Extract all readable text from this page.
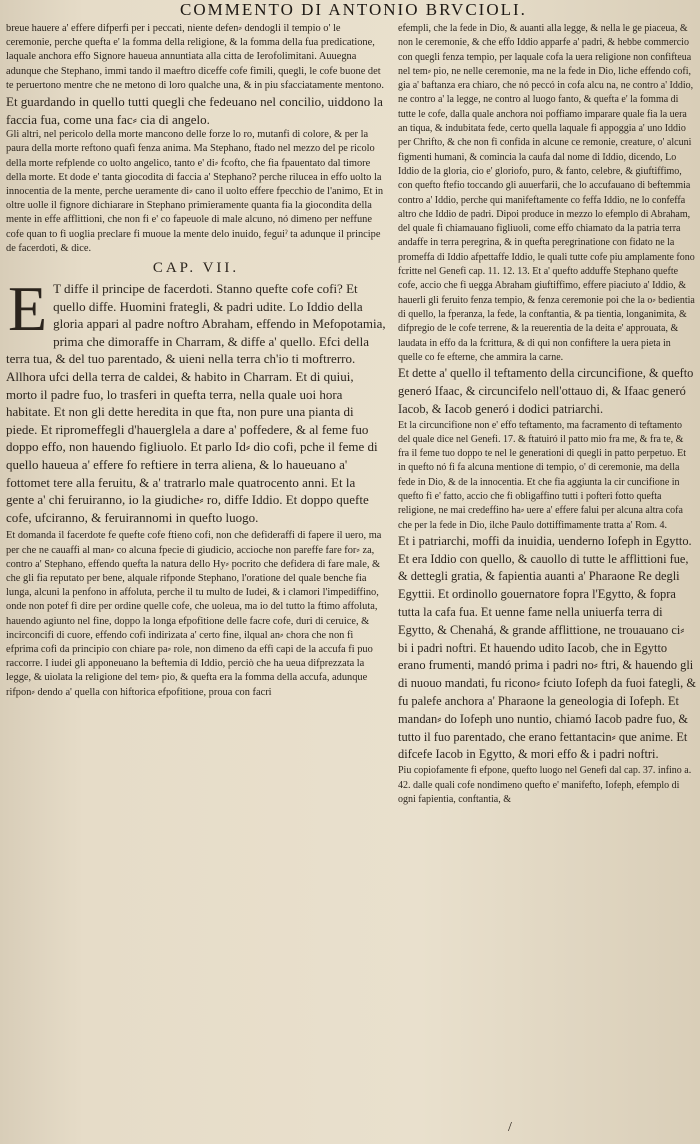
COMMENTO DI ANTONIO BRVCIOLI.

breue hauere a' effere difperfi per i peccati, niente defen⸗ dendogli il tempio o' le ceremonie, perche quefta e' la fomma della religione, & la fomma della fua predicatione, laquale anchora effo Signore haueua annuntiata alla citta de Ierofolimitani. Auuegna adunque che Stephano, immi tando il maeftro diceffe cofe fimili, quegli, le cofe buone det te peruertono mentre che ne metono di loro qualche una, & in piu sfacciatamente mentono.

Et guardando in quello tutti quegli che fedeuano nel concilio, uiddono la faccia fua, come una fac⸗ cia di angelo.

Gli altri, nel pericolo della morte mancono delle forze lo ro, mutanfi di colore, & per la paura della morte reftono quafi fenza anima. Ma Stephano, ftado nel mezzo del pe ricolo della morte refplende co uolto angelico, tanto e' di⸗ fcofto, che fia fpauentato dal timore della morte. Et dode e' tanta giocodita di faccia a' Stephano? perche rilucea in effo uolto la innocentia de la mente, perche ueramente di⸗ cano il uolto effere fpecchio de l'animo, Et in oltre uolle il fignore dichiarare in Stephano primieramente quanta fia la giocondita della mente in effe afflittioni, che non fi e' co fapeuole di male alcuno, nó dimeno per neffune cofe quan to fi uoglia preclare fi muoue la mente delo inuido, feguiˀ ta adunque il principe de facerdoti, & dice.

CAP. VII.

E T diffe il principe de facerdoti. Stanno quefte cofe cofi? Et quello diffe. Huomini frategli, & padri udite. Lo Iddio della gloria appari al padre noftro Abraham, effendo in Mefopotamia, prima che dimoraffe in Charram, & diffe a' quello. Efci della terra tua, & del tuo parentado, & uieni nella terra ch'io ti moftrerro. Allhora ufci della terra de caldei, & habito in Charram. Et di quiui, morto il padre fuo, lo trasferi in quefta terra, nella quale uoi hora habitate. Et non gli dette heredita in que fta, non pure una pianta di piede. Et ripromeffegli d'hauerglela a dare a' poffedere, & al feme fuo doppo effo, non hauendo figliuolo. Et parlo Id⸗ dio cofi, pche il feme di quello haueua a' effere fo reftiere in terra aliena, & lo haueuano a' fottomet tere alla feruitu, & a' tratrarlo male quatrocento anni. Et la gente a' chi feruiranno, io la giudiche⸗ ro, diffe Iddio. Et doppo quefte cofe, ufciranno, & feruirannomi in quefto luogo.

Et domanda il facerdote fe quefte cofe ftieno cofi, non che defideraffi di fapere il uero, ma per che ne cauaffi al man⸗ co alcuna fpecie di giudicio, accioche non pareffe fare for⸗ za, contro a' Stephano, effendo quefta la natura dello Hy⸗ pocrito che defidera di fare male, & che gli fia reputato per bene, alquale rifponde Stephano, l'oratione del quale benche fia lunga, alcuni la penfono in affoluta, perche il tu multo de Iudei, & i clamori l'impediffino, onde non potef fi dire per ordine quelle cofe, che uoleua, ma io del tutto la ftimo affoluta, hauendo agiunto nel fine, doppo la longa efpofitione delle facre cofe, duri di ceruice, & incirconcifi di cuore, effendo cofi indirizata a' certo fine, ilqual an⸗ chora che non fi efprima cofi da principio con chiare pa⸗ role, non dimeno da effi capi de la accufa fi puo raccorre. I iudei gli apponeuano la beftemia di Iddio, perciò che ha ueua difprezzata la legge, & uiolata la religione del tem⸗ pio, & quefta era la fomma della accufa, adunque rifpon⸗ dendo a' quella con hiftorica efpofitione, proua con facri

efempli, che la fede in Dio, & auanti alla legge, & nella le ge piaceua, & non le ceremonie, & che effo Iddio apparfe a' padri, & hebbe commercio con quegli fenza tempio, per laquale cofa la uera religione non confifteua nel tem⸗ pio, ne nelle ceremonie, ma ne la fede in Dio, liche effendo cofi, gia a' baftanza era chiaro, che nó peccó in cofa alcu na, ne contro a' Iddio, ne contro a' la legge, ne contro al luogo fanto, & quefta e' la fomma di tutte le cofe, dalla quale anchora noi poffiamo imparare quale fia la uera an tiqua, & indubitata fede, certo quella laquale fi appoggia a' uno Iddio per Chrifto, & che non fi confida in alcune ce remonie, creature, o' alcuni figmenti humani, & comincia la caufa dal nome di Iddio, dicendo, Lo Iddio de la gloria, cio e' gloriofo, puro, & fanto, celebre, & giuftiffimo, con quefto ftefio toccando gli auuerfarii, che lo accufauano di beftemmia contro a' Iddio, perche qui manifeftamente co feffa Iddio, ne lo confeffa altro che Iddio de padri. Dipoi produce in mezzo lo efemplo di Abraham, del quale fi chiamauano figliuoli, come effo chiamato da la patria terra andaffe in terra peregrina, & in quefta peregrinatione con fidato ne la promeffa di Iddio afpettaffe Iddio, le quali tutte cofe piu amplamente fono fcritte nel Genefi cap. 11. 12. 13. Et a' quefto adduffe Stephano quefte cofe, accio che fi uegga Abraham giuftiffimo, effere piaciuto a' Iddio, & hauerli gli feruito fenza tempio, & fenza ceremonie poi che la o⸗ bedientia di quello, la fperanza, la fede, la conftantia, & pa tientia, longanimita, & difpregio de le cofe terrene, & la reuerentia de la deita e' approuata, & laudata in effo da la fcrittura, & di qui non confiftere la uera pieta in quelle co fe efterne, che ammira la carne.

Et dette a' quello il teftamento della circuncifione, & quefto generó Ifaac, & circuncifelo nell'ottauo di, & Ifaac generó Iacob, & Iacob generó i dodici patriarchi.

Et la circuncifione non e' effo teftamento, ma facramento di teftamento del quale dice nel Genefi. 17. & ftatuiró il patto mio fra me, & fra te, & fra il feme tuo doppo te nel le generationi di quegli in patto perpetuo. Et in quefto nó fi fa alcuna mentione di tempio, o' di ceremonie, ma della fede in Dio, & de la innocentia. Et che fia aggiunta la cir cuncifione in quefto fi e' fatto, accio che fi obligaffino tutti i pofteri fotto quefta religione, ne mai credeffino ha⸗ uere a' effere falui per alcuna altra cofa che per la fede in Dio, ilche Paulo dottiffimamente tratta a' Rom. 4.

Et i patriarchi, moffi da inuidia, uenderno Iofeph in Egytto. Et era Iddio con quello, & cauollo di tutte le afflittioni fue, & dettegli gratia, & fapientia auanti a' Pharaone Re degli Egyttii. Et ordinollo gouernatore fopra l'Egytto, & fopra tutta la cafa fua. Et uenne fame nella uniuerfa terra di Egytto, & Chenahá, & grande afflittione, ne trouauano ci⸗ bi i padri noftri. Et hauendo udito Iacob, che in Egytto erano frumenti, mandó prima i padri no⸗ ftri, & hauendo gli di nuouo mandati, fu ricono⸗ fciuto Iofeph da fuoi fategli, & fu palefe anchora a' Pharaone la geneologia di Iofeph. Et mandan⸗ do Iofeph uno nuntio, chiamó Iacob padre fuo, & tutto il fuo parentado, che erano fettantacin⸗ que anime. Et difcefe Iacob in Egytto, & mori effo & i padri noftri.

Piu copiofamente fi efpone, quefto luogo nel Genefi dal cap. 37. infino a. 42. dalle quali cofe nondimeno quefto e' manifefto, Iofeph, efemplo di ogni fapientia, conftantia, &

/
